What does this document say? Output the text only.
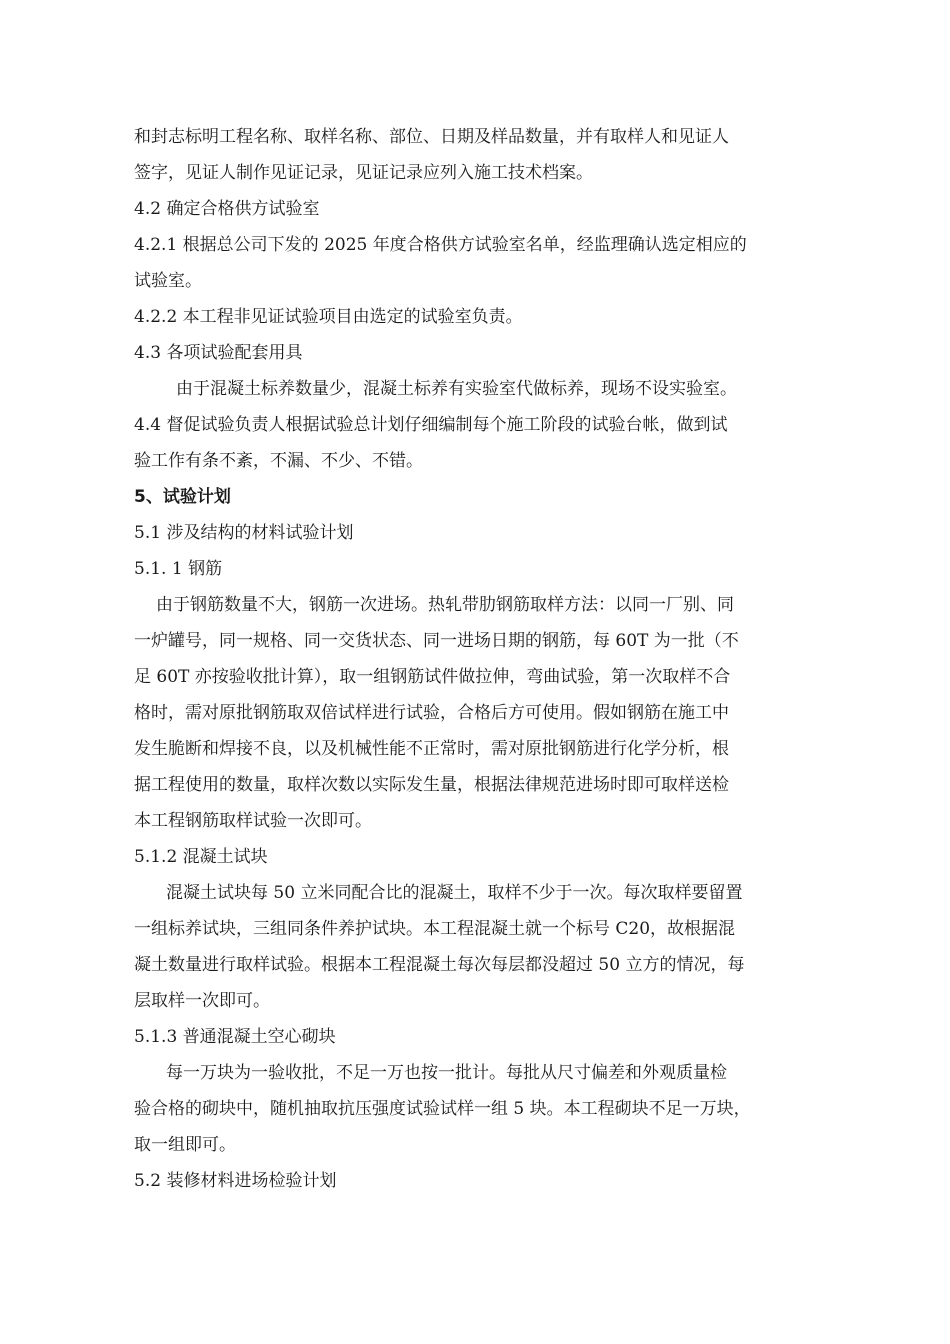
和封志标明工程名称、取样名称、部位、日期及样品数量，并有取样人和见证人
签字，见证人制作见证记录，见证记录应列入施工技术档案。
4.2 确定合格供方试验室
4.2.1 根据总公司下发的 2025 年度合格供方试验室名单，经监理确认选定相应的
试验室。
4.2.2 本工程非见证试验项目由选定的试验室负责。
4.3 各项试验配套用具
由于混凝土标养数量少，混凝土标养有实验室代做标养，现场不设实验室。
4.4 督促试验负责人根据试验总计划仔细编制每个施工阶段的试验台帐，做到试
验工作有条不紊，不漏、不少、不错。
5、试验计划
5.1 涉及结构的材料试验计划
5.1. 1 钢筋
由于钢筋数量不大，钢筋一次进场。热轧带肋钢筋取样方法：以同一厂别、同
一炉罐号，同一规格、同一交货状态、同一进场日期的钢筋，每 60T 为一批（不
足 60T 亦按验收批计算），取一组钢筋试件做拉伸，弯曲试验，第一次取样不合
格时，需对原批钢筋取双倍试样进行试验，合格后方可使用。假如钢筋在施工中
发生脆断和焊接不良，以及机械性能不正常时，需对原批钢筋进行化学分析，根
据工程使用的数量，取样次数以实际发生量，根据法律规范进场时即可取样送检
本工程钢筋取样试验一次即可。
5.1.2 混凝土试块
混凝土试块每 50 立米同配合比的混凝土，取样不少于一次。每次取样要留置
一组标养试块，三组同条件养护试块。本工程混凝土就一个标号 C20，故根据混
凝土数量进行取样试验。根据本工程混凝土每次每层都没超过 50 立方的情况，每
层取样一次即可。
5.1.3 普通混凝土空心砌块
每一万块为一验收批，不足一万也按一批计。每批从尺寸偏差和外观质量检
验合格的砌块中，随机抽取抗压强度试验试样一组 5 块。本工程砌块不足一万块，
取一组即可。
5.2 装修材料进场检验计划
